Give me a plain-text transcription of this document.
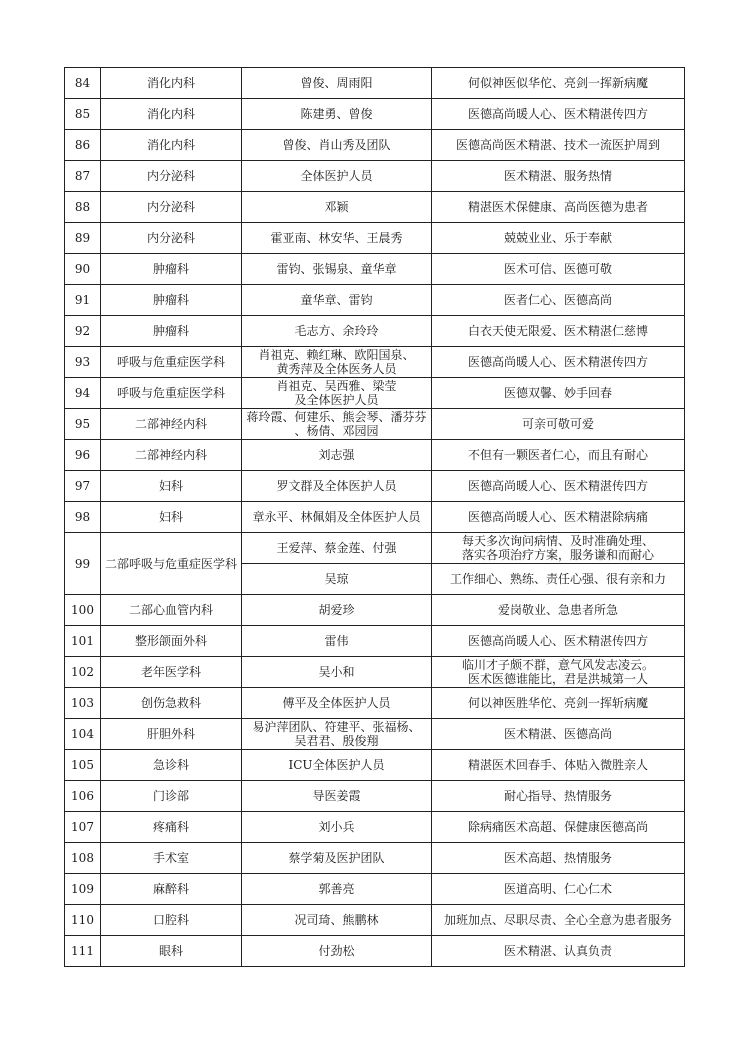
84	消化内科	曾俊、周雨阳	何似神医似华佗、亮剑一挥新病魔

85	消化内科	陈建勇、曾俊	医德高尚暖人心、医术精湛传四方

86	消化内科	曾俊、肖山秀及团队	医德高尚医术精湛、技术一流医护周到

87	内分泌科	全体医护人员	医术精湛、服务热情

88	内分泌科	邓颖	精湛医术保健康、高尚医德为患者

89	内分泌科	霍亚南、林安华、王晨秀	兢兢业业、乐于奉献

90	肿瘤科	雷钧、张锡泉、童华章	医术可信、医德可敬

91	肿瘤科	童华章、雷钧	医者仁心、医德高尚

92	肿瘤科	毛志方、余玲玲	白衣天使无限爱、医术精湛仁慈博

93	呼吸与危重症医学科	肖祖克、赖红琳、欧阳国泉、
黄秀萍及全体医务人员	医德高尚暖人心、医术精湛传四方

94	呼吸与危重症医学科	肖祖克、吴西雅、梁莹
及全体医护人员	医德双馨、妙手回春

95	二部神经内科	蒋玲霞、何建乐、熊会琴、潘芬芬
、杨倩、邓园园	可亲可敬可爱

96	二部神经内科	刘志强	不但有一颗医者仁心，而且有耐心

97	妇科	罗文群及全体医护人员	医德高尚暖人心、医术精湛传四方

98	妇科	章永平、林佩娟及全体医护人员	医德高尚暖人心、医术精湛除病痛

99	二部呼吸与危重症医学科	王爱萍、蔡金莲、付强	每天多次询问病情、及时准确处理、
落实各项治疗方案，服务谦和而耐心

		吴琼	工作细心、熟练、责任心强、很有亲和力

100	二部心血管内科	胡爱珍	爱岗敬业、急患者所急

101	整形颌面外科	雷伟	医德高尚暖人心、医术精湛传四方

102	老年医学科	吴小和	临川才子颇不群，意气风发志凌云。
医术医德谁能比，君是洪城第一人

103	创伤急救科	傅平及全体医护人员	何以神医胜华佗、亮剑一挥斩病魔

104	肝胆外科	易沪萍团队、符建平、张福杨、
吴君君、殷俊翔	医术精湛、医德高尚

105	急诊科	ICU全体医护人员	精湛医术回春手、体贴入微胜亲人

106	门诊部	导医姜霞	耐心指导、热情服务

107	疼痛科	刘小兵	除病痛医术高超、保健康医德高尚

108	手术室	蔡学菊及医护团队	医术高超、热情服务

109	麻醉科	郭善亮	医道高明、仁心仁术

110	口腔科	况司琦、熊鹏林	加班加点、尽职尽责、全心全意为患者服务

111	眼科	付劲松	医术精湛、认真负责
